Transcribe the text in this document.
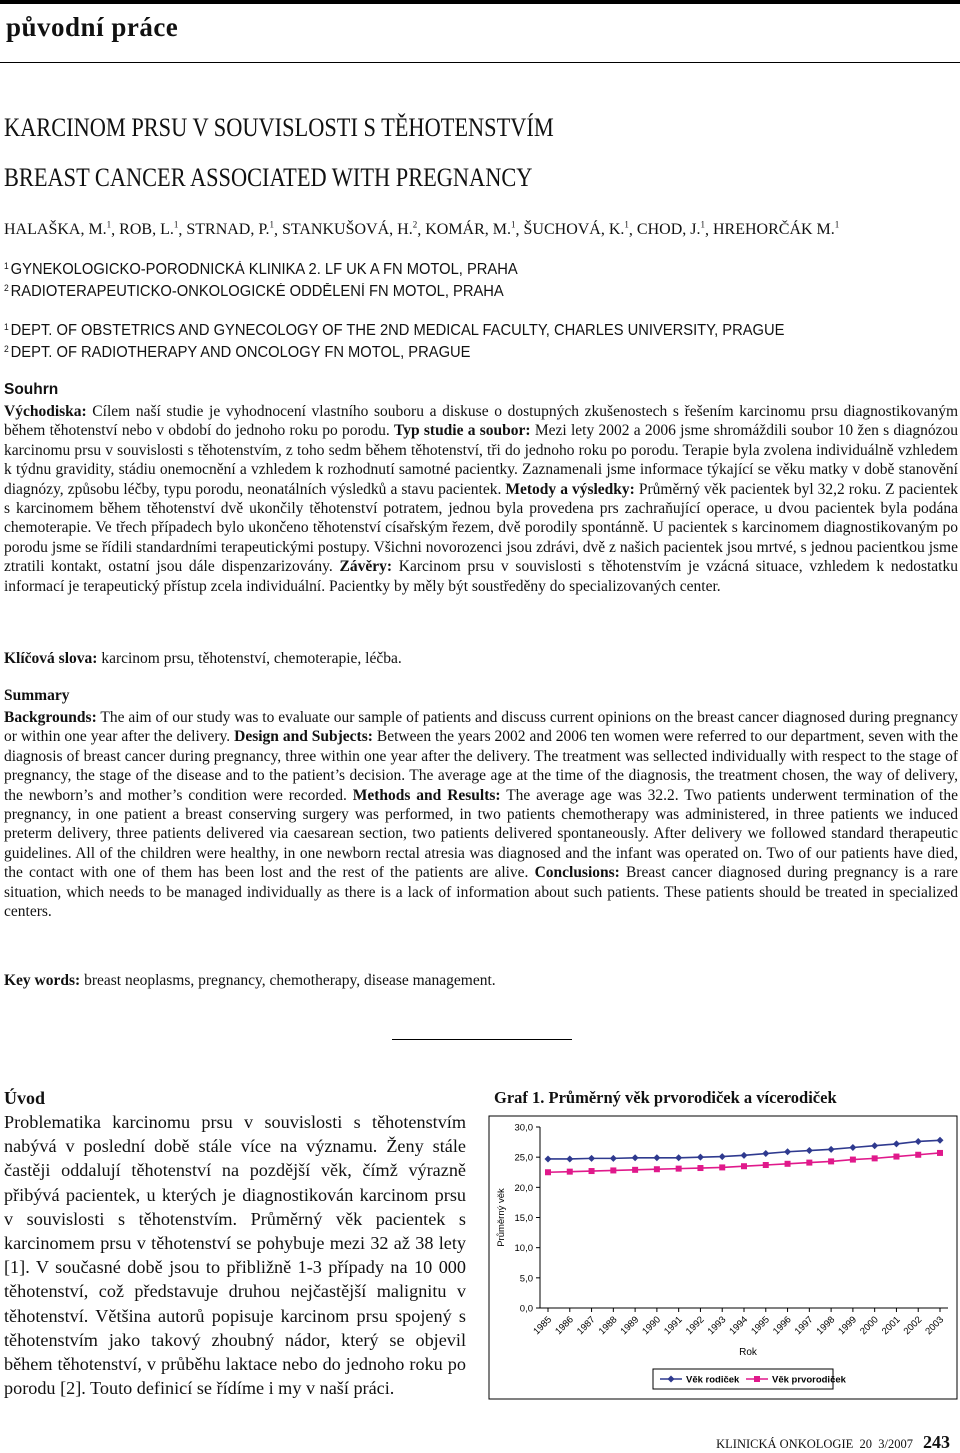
původní práce
KARCINOM PRSU V SOUVISLOSTI S TĚHOTENSTVÍM
BREAST CANCER ASSOCIATED WITH PREGNANCY
HALAŠKA, M.$^1$, ROB, L.$^1$, STRNAD, P.$^1$, STANKUŠOVÁ, H.$^2$, KOMÁR, M.$^1$, ŠUCHOVÁ, K.$^1$, CHOD, J.$^1$, HREHORČÁK M.$^1$
$^1$ GYNEKOLOGICKO-PORODNICKÁ KLINIKA 2. LF UK A FN MOTOL, PRAHA
$^2$ RADIOTERAPEUTICKO-ONKOLOGICKÉ ODDĚLENÍ FN MOTOL, PRAHA
$^1$ DEPT. OF OBSTETRICS AND GYNECOLOGY OF THE 2ND MEDICAL FACULTY, CHARLES UNIVERSITY, PRAGUE
$^2$ DEPT. OF RADIOTHERAPY AND ONCOLOGY FN MOTOL, PRAGUE
Souhrn
Východiska: Cílem naší studie je vyhodnocení vlastního souboru a diskuse o dostupných zkušenostech s řešením karcinomu prsu diagnostikovaným během těhotenství nebo v období do jednoho roku po porodu. Typ studie a soubor: Mezi lety 2002 a 2006 jsme shromáždili soubor 10 žen s diagnózou karcinomu prsu v souvislosti s těhotenstvím, z toho sedm během těhotenství, tři do jednoho roku po porodu. Terapie byla zvolena individuálně vzhledem k týdnu gravidity, stádiu onemocnění a vzhledem k rozhodnutí samotné pacientky. Zaznamenali jsme informace týkající se věku matky v době stanovění diagnózy, způsobu léčby, typu porodu, neonatálních výsledků a stavu pacientek. Metody a výsledky: Průměrný věk pacientek byl 32,2 roku. Z pacientek s karcinomem během těhotenství dvě ukončily těhotenství potratem, jednou byla provedena prs zachraňující operace, u dvou pacientek byla podána chemoterapie. Ve třech případech bylo ukončeno těhotenství císařským řezem, dvě porodily spontánně. U pacientek s karcinomem diagnostikovaným po porodu jsme se řídili standardními terapeutickými postupy. Všichni novorozenci jsou zdrávi, dvě z našich pacientek jsou mrtvé, s jednou pacientkou jsme ztratili kontakt, ostatní jsou dále dispenzarizovány. Závěry: Karcinom prsu v souvislosti s těhotenstvím je vzácná situace, vzhledem k nedostatku informací je terapeutický přístup zcela individuální. Pacientky by měly být soustředěny do specializovaných center.
Klíčová slova: karcinom prsu, těhotenství, chemoterapie, léčba.
Summary
Backgrounds: The aim of our study was to evaluate our sample of patients and discuss current opinions on the breast cancer diagnosed during pregnancy or within one year after the delivery. Design and Subjects: Between the years 2002 and 2006 ten women were referred to our department, seven with the diagnosis of breast cancer during pregnancy, three within one year after the delivery. The treatment was sellected individually with respect to the stage of pregnancy, the stage of the disease and to the patient’s decision. The average age at the time of the diagnosis, the treatment chosen, the way of delivery, the newborn’s and mother’s condition were recorded. Methods and Results: The average age was 32.2. Two patients underwent termination of the pregnancy, in one patient a breast conserving surgery was performed, in two patients chemotherapy was administered, in three patients we induced preterm delivery, three patients delivered via caesarean section, two patients delivered spontaneously. After delivery we followed standard therapeutic guidelines. All of the children were healthy, in one newborn rectal atresia was diagnosed and the infant was operated on. Two of our patients have died, the contact with one of them has been lost and the rest of the patients are alive. Conclusions: Breast cancer diagnosed during pregnancy is a rare situation, which needs to be managed individually as there is a lack of information about such patients. These patients should be treated in specialized centers.
Key words: breast neoplasms, pregnancy, chemotherapy, disease management.
Úvod
Problematika karcinomu prsu v souvislosti s těhotenstvím nabývá v poslední době stále více na významu. Ženy stále častěji oddalují těhotenství na pozdější věk, čímž výrazně přibývá pacientek, u kterých je diagnostikován karcinom prsu v souvislosti s těhotenstvím. Průměrný věk pacientek s karcinomem prsu v těhotenství se pohybuje mezi 32 až 38 lety [1]. V současné době jsou to přibližně 1-3 případy na 10 000 těhotenství, což představuje druhou nejčastější malignitu v těhotenství. Většina autorů popisuje karcinom prsu spojený s těhotenstvím jako takový zhoubný nádor, který se objevil během těhotenství, v průběhu laktace nebo do jednoho roku po porodu [2]. Touto definicí se řídíme i my v naší práci.
Graf 1. Průměrný věk prvorodiček a vícerodiček
0,0
5,0
10,0
15,0
20,0
25,0
30,0
1985 1986 1987 1988 1989 1990 1991 1992 1993 1994 1995 1996 1997 1998 1999 2000 2001 2002 2003
Průměrný věk
Rok
Věk rodiček	Věk prvorodiček
KLINICKÁ ONKOLOGIE 20 3/2007 243
